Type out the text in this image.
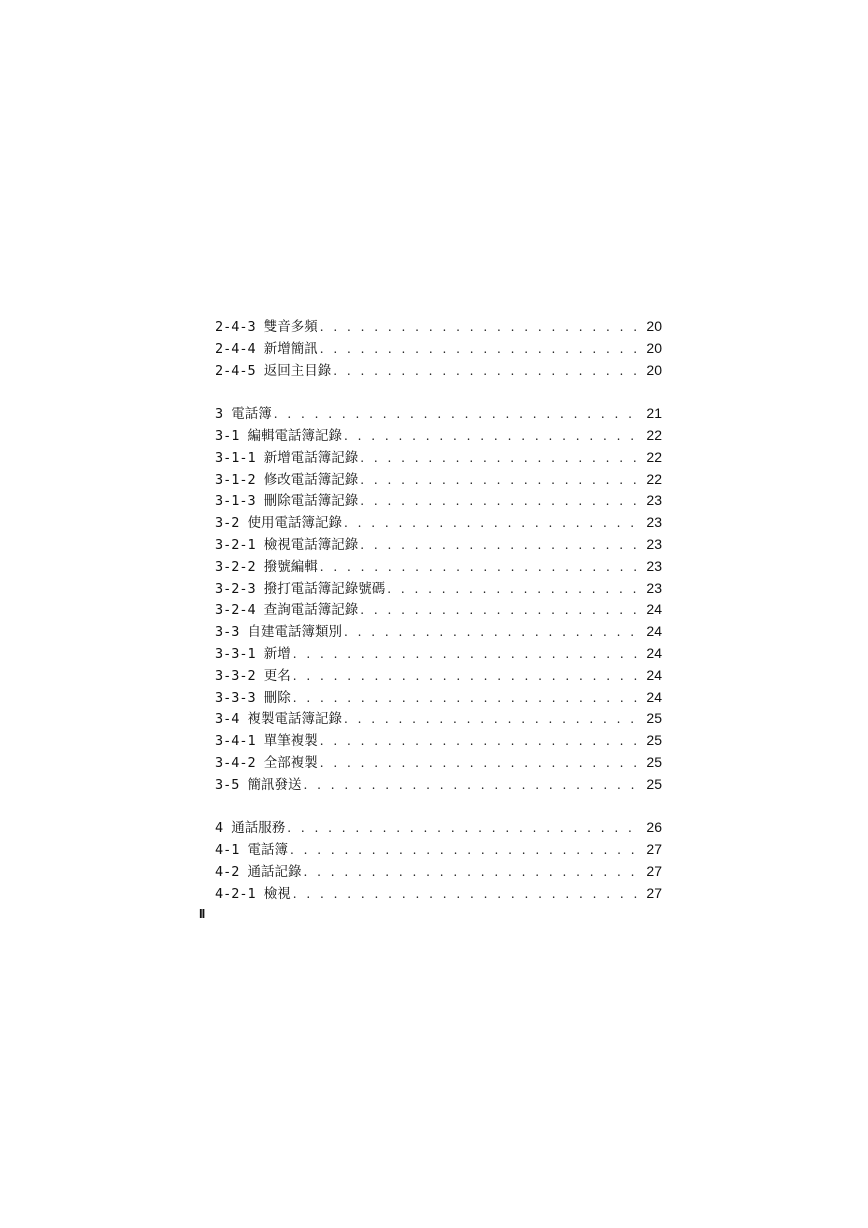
2-4-3 雙音多頻 . . .	20
2-4-4 新增簡訊 . . .	20
2-4-5 返回主目錄 . . .	20
3 電話簿 . . .	21
3-1 編輯電話簿記錄 . . .	22
3-1-1 新增電話簿記錄 . . .	22
3-1-2 修改電話簿記錄 . . .	22
3-1-3 刪除電話簿記錄 . . .	23
3-2 使用電話簿記錄 . . .	23
3-2-1 檢視電話簿記錄 . . .	23
3-2-2 撥號編輯 . . .	23
3-2-3 撥打電話簿記錄號碼 . . .	23
3-2-4 查詢電話簿記錄 . . .	24
3-3 自建電話簿類別 . . .	24
3-3-1 新增 . . .	24
3-3-2 更名 . . .	24
3-3-3 刪除 . . .	24
3-4 複製電話簿記錄 . . .	25
3-4-1 單筆複製 . . .	25
3-4-2 全部複製 . . .	25
3-5 簡訊發送 . . .	25
4 通話服務 . . .	26
4-1 電話簿 . . .	27
4-2 通話記錄 . . .	27
4-2-1 檢視 . . .	27
II
